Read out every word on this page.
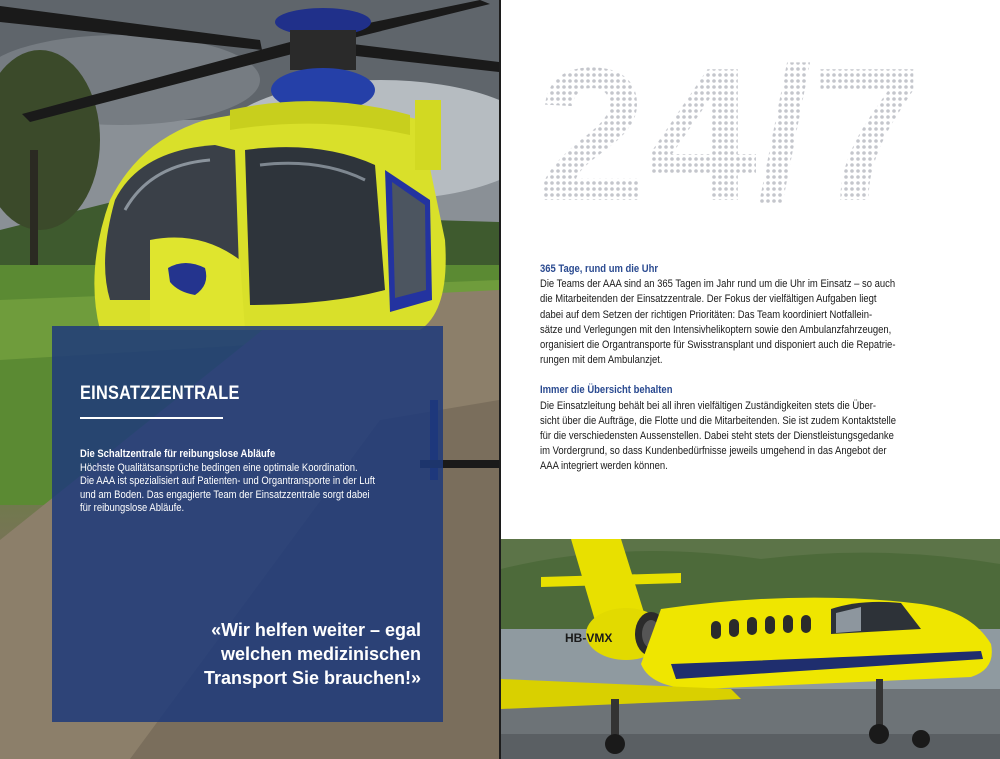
EINSATZZENTRALE
Die Schaltzentrale für reibungslose Abläufe
Höchste Qualitätsansprüche bedingen eine optimale Koordination.
Die AAA ist spezialisiert auf Patienten- und Organtransporte in der Luft
und am Boden. Das engagierte Team der Einsatzzentrale sorgt dabei
für reibungslose Abläufe.
«Wir helfen weiter – egal
welchen medizinischen
Transport Sie brauchen!»
24/7
365 Tage, rund um die Uhr
Die Teams der AAA sind an 365 Tagen im Jahr rund um die Uhr im Einsatz – so auch
die Mitarbeitenden der Einsatzzentrale. Der Fokus der vielfältigen Aufgaben liegt
dabei auf dem Setzen der richtigen Prioritäten: Das Team koordiniert Notfallein-
sätze und Verlegungen mit den Intensivhelikoptern sowie den Ambulanzfahrzeugen,
organisiert die Organtransporte für Swisstransplant und disponiert auch die Repatrie-
rungen mit dem Ambulanzjet.
Immer die Übersicht behalten
Die Einsatzleitung behält bei all ihren vielfältigen Zuständigkeiten stets die Über-
sicht über die Aufträge, die Flotte und die Mitarbeitenden. Sie ist zudem Kontaktstelle
für die verschiedensten Aussenstellen. Dabei steht stets der Dienstleistungsgedanke
im Vordergrund, so dass Kundenbedürfnisse jeweils umgehend in das Angebot der
AAA integriert werden können.
HB-VMX
